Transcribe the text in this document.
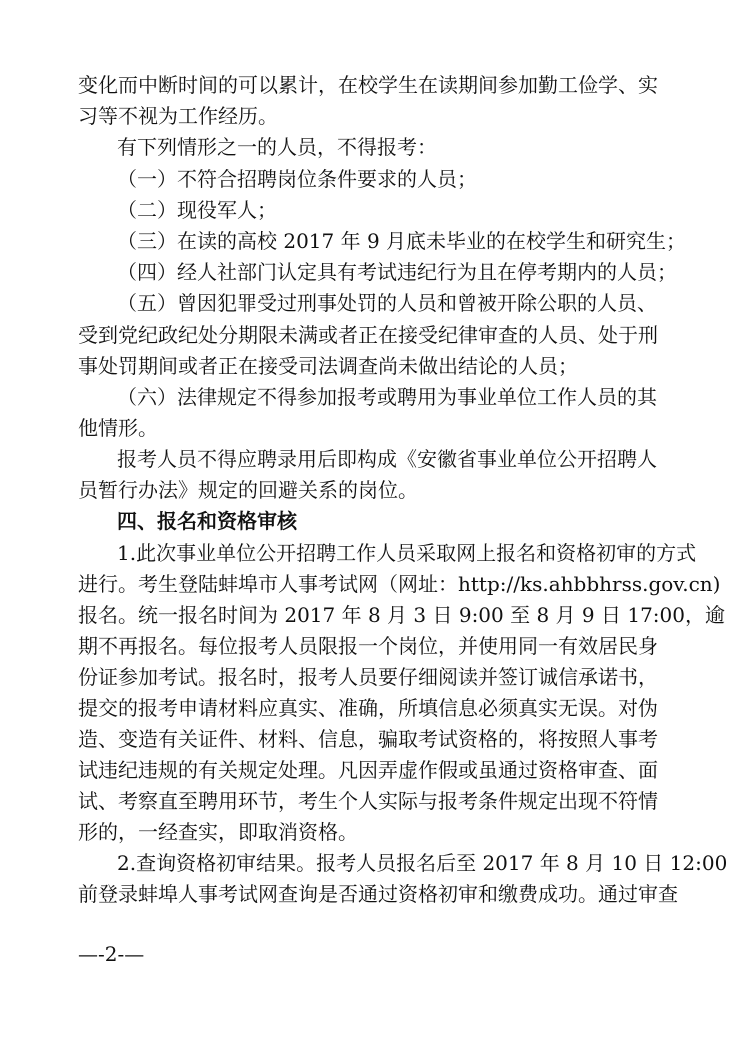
变化而中断时间的可以累计，在校学生在读期间参加勤工俭学、实
习等不视为工作经历。
有下列情形之一的人员，不得报考：
（一）不符合招聘岗位条件要求的人员；
（二）现役军人；
（三）在读的高校 2017 年 9 月底未毕业的在校学生和研究生；
（四）经人社部门认定具有考试违纪行为且在停考期内的人员；
（五）曾因犯罪受过刑事处罚的人员和曾被开除公职的人员、
受到党纪政纪处分期限未满或者正在接受纪律审查的人员、处于刑
事处罚期间或者正在接受司法调查尚未做出结论的人员；
（六）法律规定不得参加报考或聘用为事业单位工作人员的其
他情形。
报考人员不得应聘录用后即构成《安徽省事业单位公开招聘人
员暂行办法》规定的回避关系的岗位。
四、报名和资格审核
1.此次事业单位公开招聘工作人员采取网上报名和资格初审的方式
进行。考生登陆蚌埠市人事考试网（网址：http://ks.ahbbhrss.gov.cn)
报名。统一报名时间为 2017 年 8 月 3 日 9:00 至 8 月 9 日 17:00，逾
期不再报名。每位报考人员限报一个岗位，并使用同一有效居民身
份证参加考试。报名时，报考人员要仔细阅读并签订诚信承诺书，
提交的报考申请材料应真实、准确，所填信息必须真实无误。对伪
造、变造有关证件、材料、信息，骗取考试资格的，将按照人事考
试违纪违规的有关规定处理。凡因弄虚作假或虽通过资格审查、面
试、考察直至聘用环节，考生个人实际与报考条件规定出现不符情
形的，一经查实，即取消资格。
2.查询资格初审结果。报考人员报名后至 2017 年 8 月 10 日 12:00
前登录蚌埠人事考试网查询是否通过资格初审和缴费成功。通过审查
—‑2‑—
